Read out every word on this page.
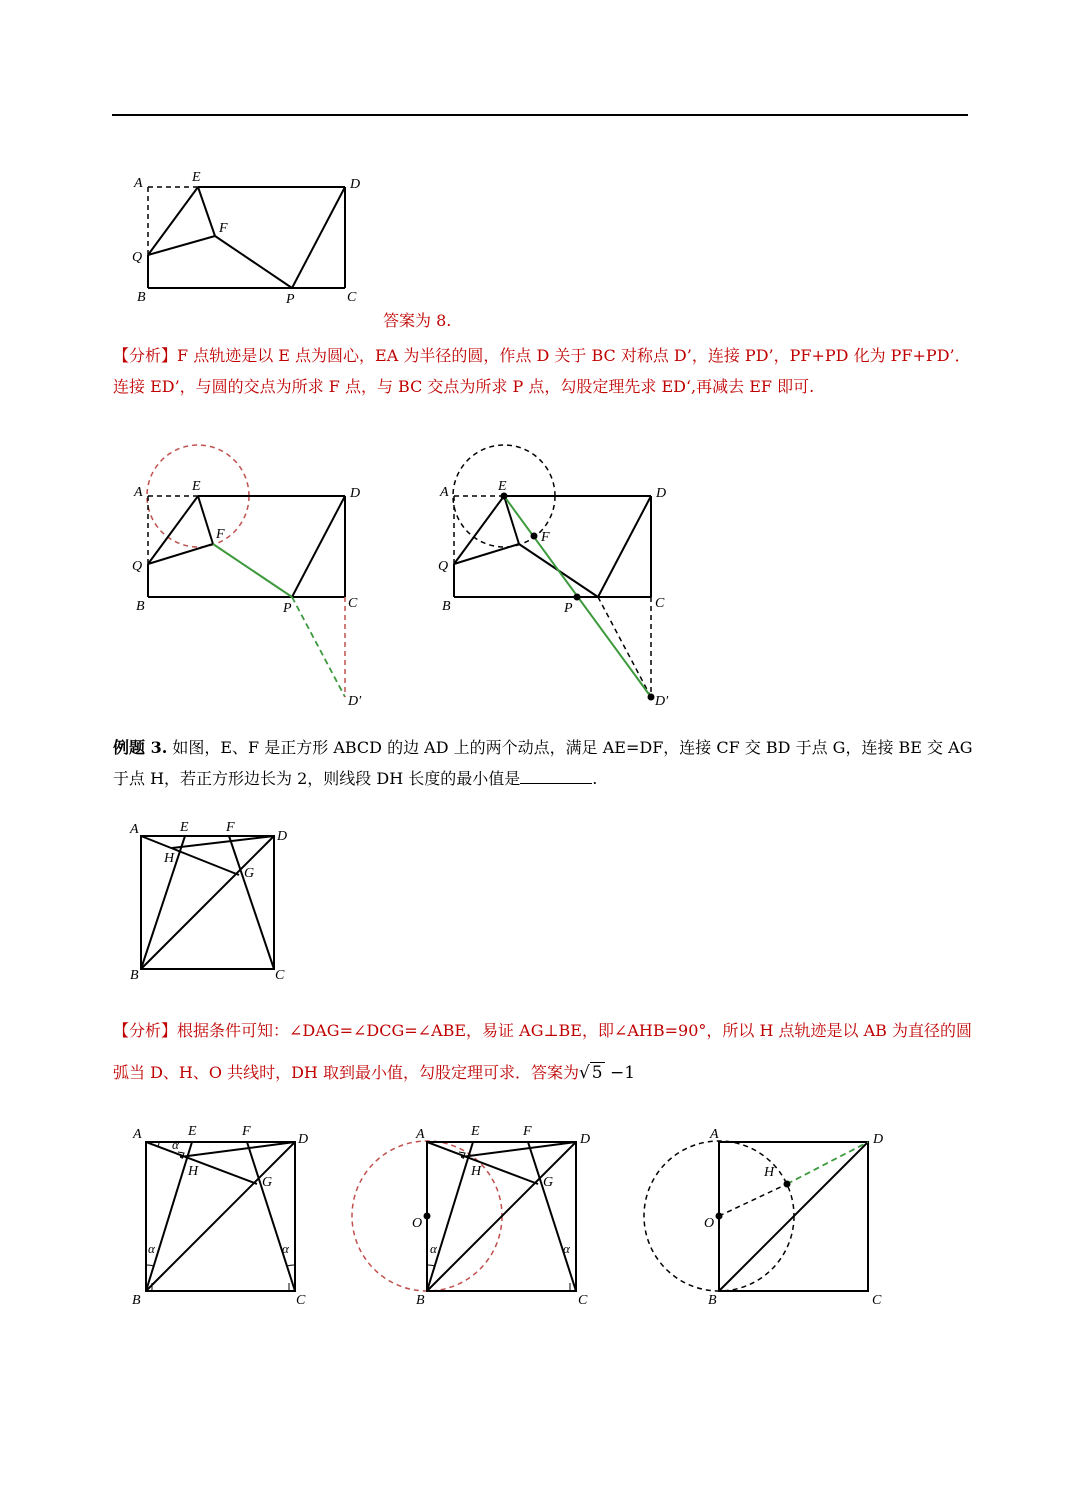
A	E	D
F
Q
B	P	C
答案为 8.
【分析】F 点轨迹是以 E 点为圆心，EA 为半径的圆，作点 D 关于 BC 对称点 D’，连接 PD’，PF+PD 化为 PF+PD’．连接 ED’，与圆的交点为所求 F 点，与 BC 交点为所求 P 点，勾股定理先求 ED‘,再减去 EF 即可.
A	E	D
F
Q
B	P	C
D′
A	E	D
F
Q
B	P	C
D′
例题 3. 如图，E、F 是正方形 ABCD 的边 AD 上的两个动点，满足 AE=DF，连接 CF 交 BD 于点 G，连接 BE 交 AG 于点 H，若正方形边长为 2，则线段 DH 长度的最小值是	.
A	E	F
D
H
G
B	C
【分析】根据条件可知：∠DAG=∠DCG=∠ABE，易证 AG⊥BE，即∠AHB=90°，所以 H 点轨迹是以 AB 为直径的圆弧当 D、H、O 共线时，DH 取到最小值，勾股定理可求．答案为√ 5 −1
A	E	F
D
H
G
B	C
α
α	α
A	E	F
D
H
G
O
B	C
α	α
A	D
H
O
B	C
